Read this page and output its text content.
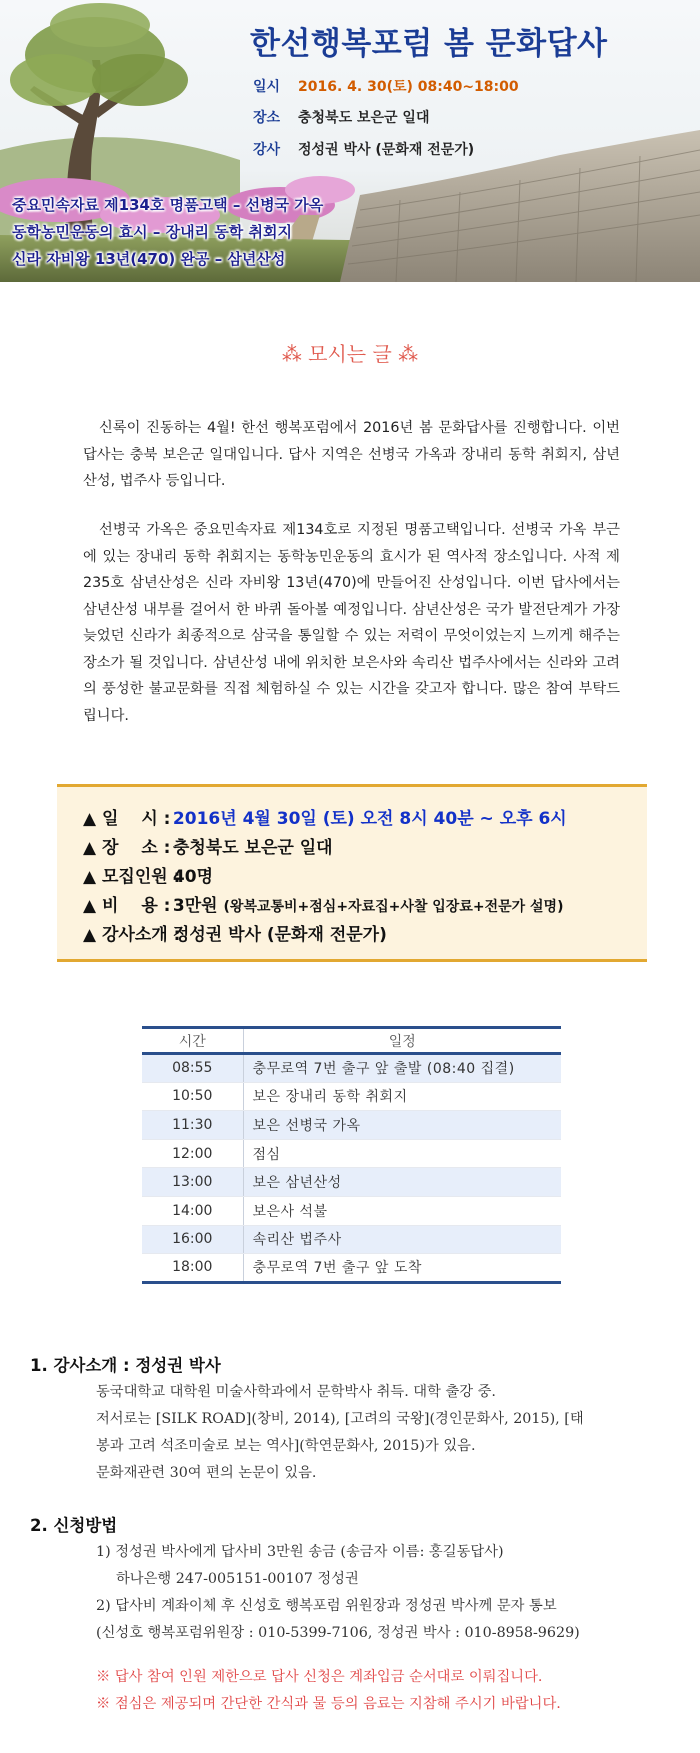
한선행복포럼 봄 문화답사
일시 2016. 4. 30(토) 08:40~18:00
장소 충청북도 보은군 일대
강사 정성권 박사 (문화재 전문가)
중요민속자료 제134호 명품고택 – 선병국 가옥
동학농민운동의 효시 – 장내리 동학 취회지
신라 자비왕 13년(470) 완공 – 삼년산성
⁂ 모시는 글 ⁂

신록이 진동하는 4월! 한선 행복포럼에서 2016년 봄 문화답사를 진행합니다. 이번 답사는 충북 보은군 일대입니다. 답사 지역은 선병국 가옥과 장내리 동학 취회지, 삼년산성, 법주사 등입니다.

선병국 가옥은 중요민속자료 제134호로 지정된 명품고택입니다. 선병국 가옥 부근에 있는 장내리 동학 취회지는 동학농민운동의 효시가 된 역사적 장소입니다. 사적 제235호 삼년산성은 신라 자비왕 13년(470)에 만들어진 산성입니다. 이번 답사에서는 삼년산성 내부를 걸어서 한 바퀴 돌아볼 예정입니다. 삼년산성은 국가 발전단계가 가장 늦었던 신라가 최종적으로 삼국을 통일할 수 있는 저력이 무엇이었는지 느끼게 해주는 장소가 될 것입니다. 삼년산성 내에 위치한 보은사와 속리산 법주사에서는 신라와 고려의 풍성한 불교문화를 직접 체험하실 수 있는 시간을 갖고자 합니다. 많은 참여 부탁드립니다.

▲ 일 　시 : 2016년 4월 30일 (토) 오전 8시 40분 ~ 오후 6시
▲ 장 　소 : 충청북도 보은군 일대
▲ 모집인원 : 40명
▲ 비 　용 : 3만원 (왕복교통비+점심+자료집+사찰 입장료+전문가 설명)
▲ 강사소개 : 정성권 박사 (문화재 전문가)
시간	일정
08:55	충무로역 7번 출구 앞 출발 (08:40 집결)
10:50	보은 장내리 동학 취회지
11:30	보은 선병국 가옥
12:00	점심
13:00	보은 삼년산성
14:00	보은사 석불
16:00	속리산 법주사
18:00	충무로역 7번 출구 앞 도착
1. 강사소개 : 정성권 박사
동국대학교 대학원 미술사학과에서 문학박사 취득. 대학 출강 중.
저서로는 [SILK ROAD](창비, 2014), [고려의 국왕](경인문화사, 2015), [태
봉과 고려 석조미술로 보는 역사](학연문화사, 2015)가 있음.
문화재관련 30여 편의 논문이 있음.
2. 신청방법
1) 정성권 박사에게 답사비 3만원 송금 (송금자 이름: 홍길동답사)
하나은행 247-005151-00107 정성권
2) 답사비 계좌이체 후 신성호 행복포럼 위원장과 정성권 박사께 문자 통보
(신성호 행복포럼위원장 : 010-5399-7106, 정성권 박사 : 010-8958-9629)
※ 답사 참여 인원 제한으로 답사 신청은 계좌입금 순서대로 이뤄집니다.
※ 점심은 제공되며 간단한 간식과 물 등의 음료는 지참해 주시기 바랍니다.
